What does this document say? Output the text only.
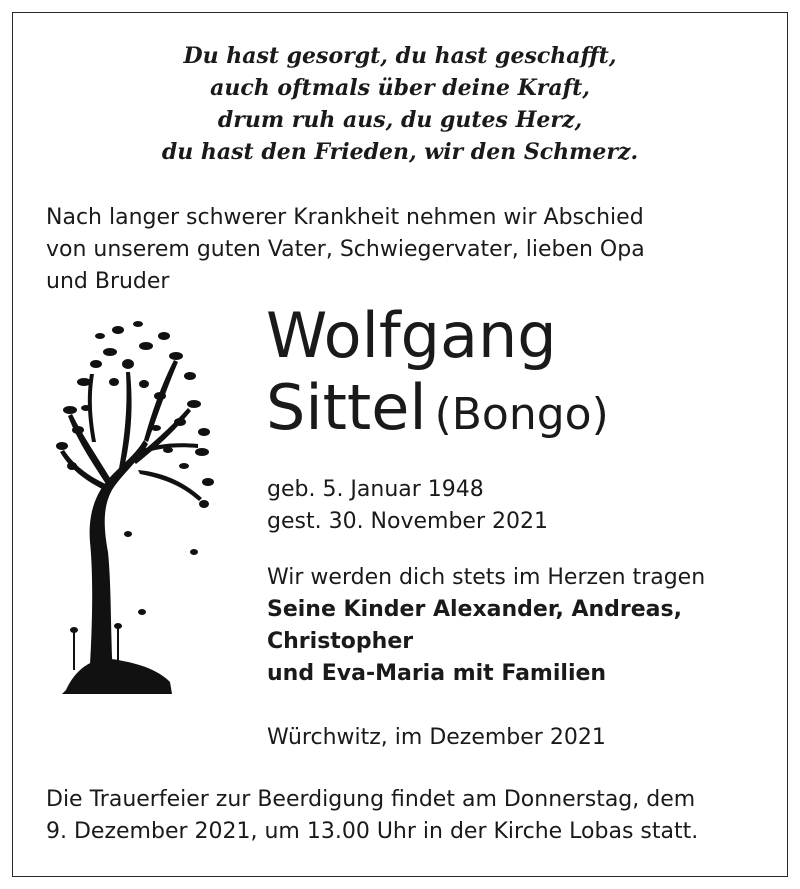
Du hast gesorgt, du hast geschafft,
auch oftmals über deine Kraft,
drum ruh aus, du gutes Herz,
du hast den Frieden, wir den Schmerz.
Nach langer schwerer Krankheit nehmen wir Abschied
von unserem guten Vater, Schwiegervater, lieben Opa
und Bruder
Wolfgang
Sittel (Bongo)
geb. 5. Januar 1948
gest. 30. November 2021
Wir werden dich stets im Herzen tragen
Seine Kinder Alexander, Andreas,
Christopher
und Eva-Maria mit Familien
Würchwitz, im Dezember 2021
Die Trauerfeier zur Beerdigung findet am Donnerstag, dem
9. Dezember 2021, um 13.00 Uhr in der Kirche Lobas statt.
